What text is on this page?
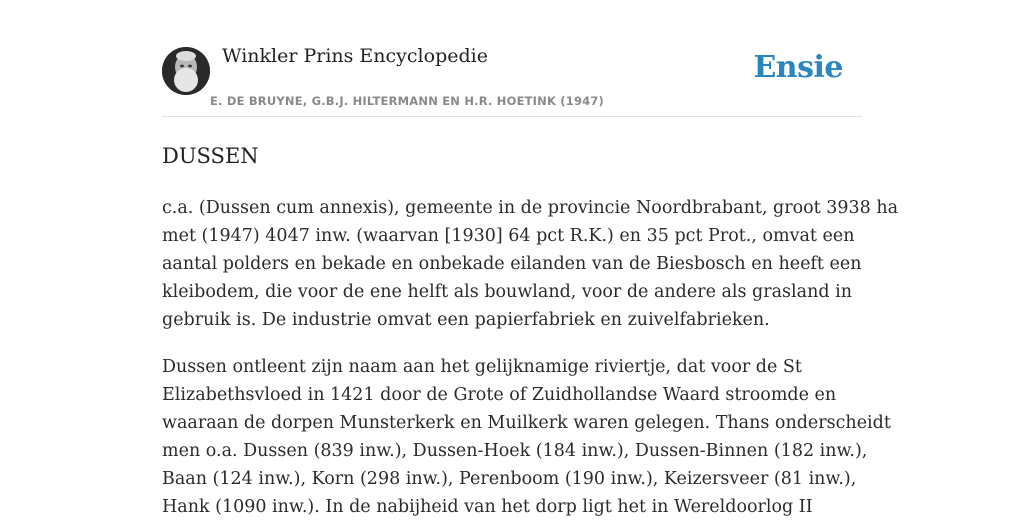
Winkler Prins Encyclopedie
E. DE BRUYNE, G.B.J. HILTERMANN EN H.R. HOETINK (1947)
Ensie
DUSSEN

c.a. (Dussen cum annexis), gemeente in de provincie Noordbrabant, groot 3938 ha
met (1947) 4047 inw. (waarvan [1930] 64 pct R.K.) en 35 pct Prot., omvat een
aantal polders en bekade en onbekade eilanden van de Biesbosch en heeft een
kleibodem, die voor de ene helft als bouwland, voor de andere als grasland in
gebruik is. De industrie omvat een papierfabriek en zuivelfabrieken.

Dussen ontleent zijn naam aan het gelijknamige riviertje, dat voor de St
Elizabethsvloed in 1421 door de Grote of Zuidhollandse Waard stroomde en
waaraan de dorpen Munsterkerk en Muilkerk waren gelegen. Thans onderscheidt
men o.a. Dussen (839 inw.), Dussen-Hoek (184 inw.), Dussen-Binnen (182 inw.),
Baan (124 inw.), Korn (298 inw.), Perenboom (190 inw.), Keizersveer (81 inw.),
Hank (1090 inw.). In de nabijheid van het dorp ligt het in Wereldoorlog II
